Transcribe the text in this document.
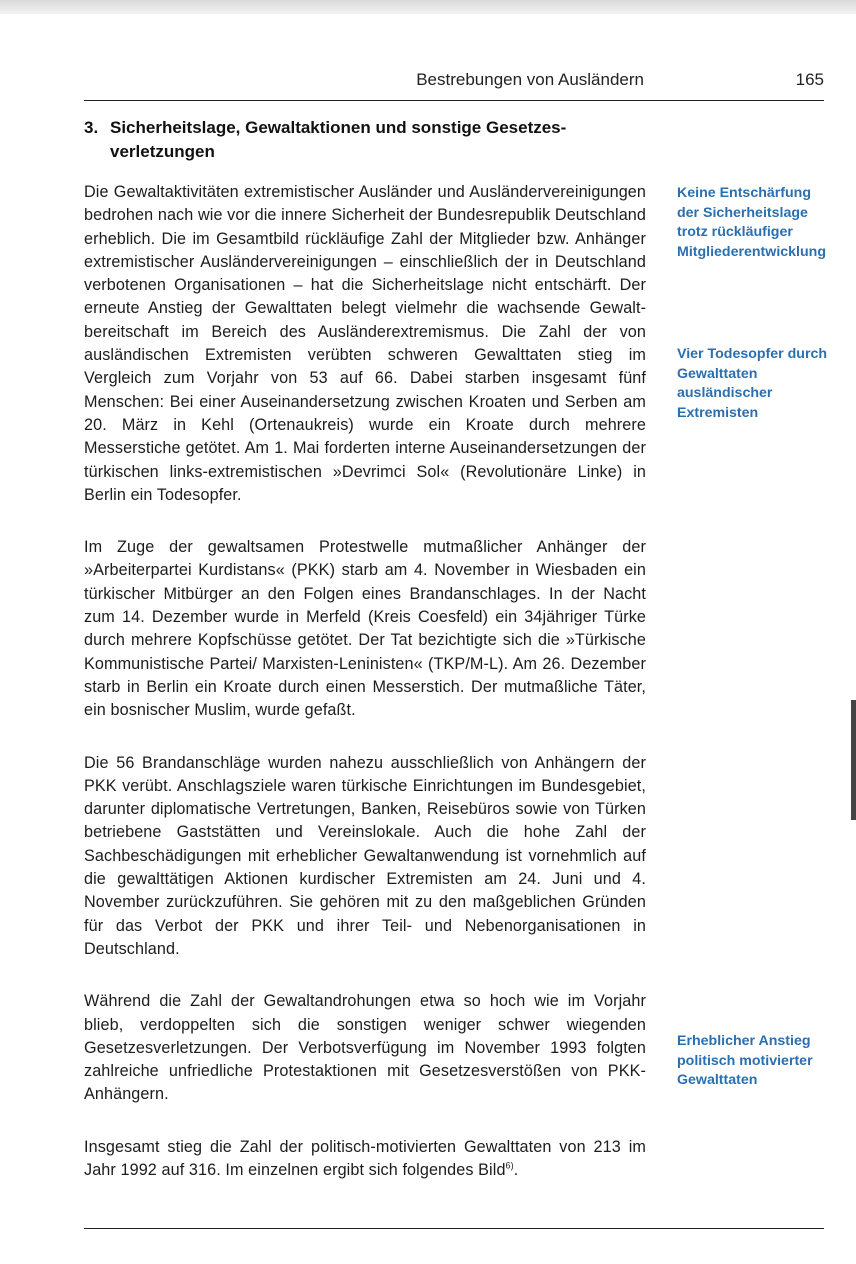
Bestrebungen von Ausländern	165
3. Sicherheitslage, Gewaltaktionen und sonstige Gesetzes-
verletzungen

Die Gewaltaktivitäten extremistischer Ausländer und Ausländervereinigungen bedrohen nach wie vor die innere Sicherheit der Bundesrepublik Deutschland erheblich. Die im Gesamtbild rückläufige Zahl der Mitglieder bzw. Anhänger extremistischer Ausländervereinigungen – einschließlich der in Deutschland verbotenen Organisationen – hat die Sicherheitslage nicht entschärft. Der erneute Anstieg der Gewalttaten belegt vielmehr die wachsende Gewaltbereitschaft im Bereich des Ausländerextremismus. Die Zahl der von ausländischen Extremisten verübten schweren Gewalttaten stieg im Vergleich zum Vorjahr von 53 auf 66. Dabei starben insgesamt fünf Menschen: Bei einer Auseinandersetzung zwischen Kroaten und Serben am 20. März in Kehl (Ortenaukreis) wurde ein Kroate durch mehrere Messerstiche getötet. Am 1. Mai forderten interne Auseinandersetzungen der türkischen links-extremistischen »Devrimci Sol« (Revolutionäre Linke) in Berlin ein Todesopfer.

Im Zuge der gewaltsamen Protestwelle mutmaßlicher Anhänger der »Arbeiterpartei Kurdistans« (PKK) starb am 4. November in Wiesbaden ein türkischer Mitbürger an den Folgen eines Brandanschlages. In der Nacht zum 14. Dezember wurde in Merfeld (Kreis Coesfeld) ein 34jähriger Türke durch mehrere Kopfschüsse getötet. Der Tat bezichtigte sich die »Türkische Kommunistische Partei/ Marxisten-Leninisten« (TKP/M-L). Am 26. Dezember starb in Berlin ein Kroate durch einen Messerstich. Der mutmaßliche Täter, ein bosnischer Muslim, wurde gefaßt.

Die 56 Brandanschläge wurden nahezu ausschließlich von Anhängern der PKK verübt. Anschlagsziele waren türkische Einrichtungen im Bundesgebiet, darunter diplomatische Vertretungen, Banken, Reisebüros sowie von Türken betriebene Gaststätten und Vereinslokale. Auch die hohe Zahl der Sachbeschädigungen mit erheblicher Gewaltanwendung ist vornehmlich auf die gewalttätigen Aktionen kurdischer Extremisten am 24. Juni und 4. November zurückzuführen. Sie gehören mit zu den maßgeblichen Gründen für das Verbot der PKK und ihrer Teil- und Nebenorganisationen in Deutschland.

Während die Zahl der Gewaltandrohungen etwa so hoch wie im Vorjahr blieb, verdoppelten sich die sonstigen weniger schwer wiegenden Gesetzesverletzungen. Der Verbotsverfügung im November 1993 folgten zahlreiche unfriedliche Protestaktionen mit Gesetzesverstößen von PKK-Anhängern.

Insgesamt stieg die Zahl der politisch-motivierten Gewalttaten von 213 im Jahr 1992 auf 316. Im einzelnen ergibt sich folgendes Bild$^{6)}$.

Keine Entschärfung der Sicherheitslage trotz rückläufiger Mitgliederentwicklung
Vier Todesopfer durch Gewalttaten ausländischer Extremisten
Erheblicher Anstieg politisch motivierter Gewalttaten
